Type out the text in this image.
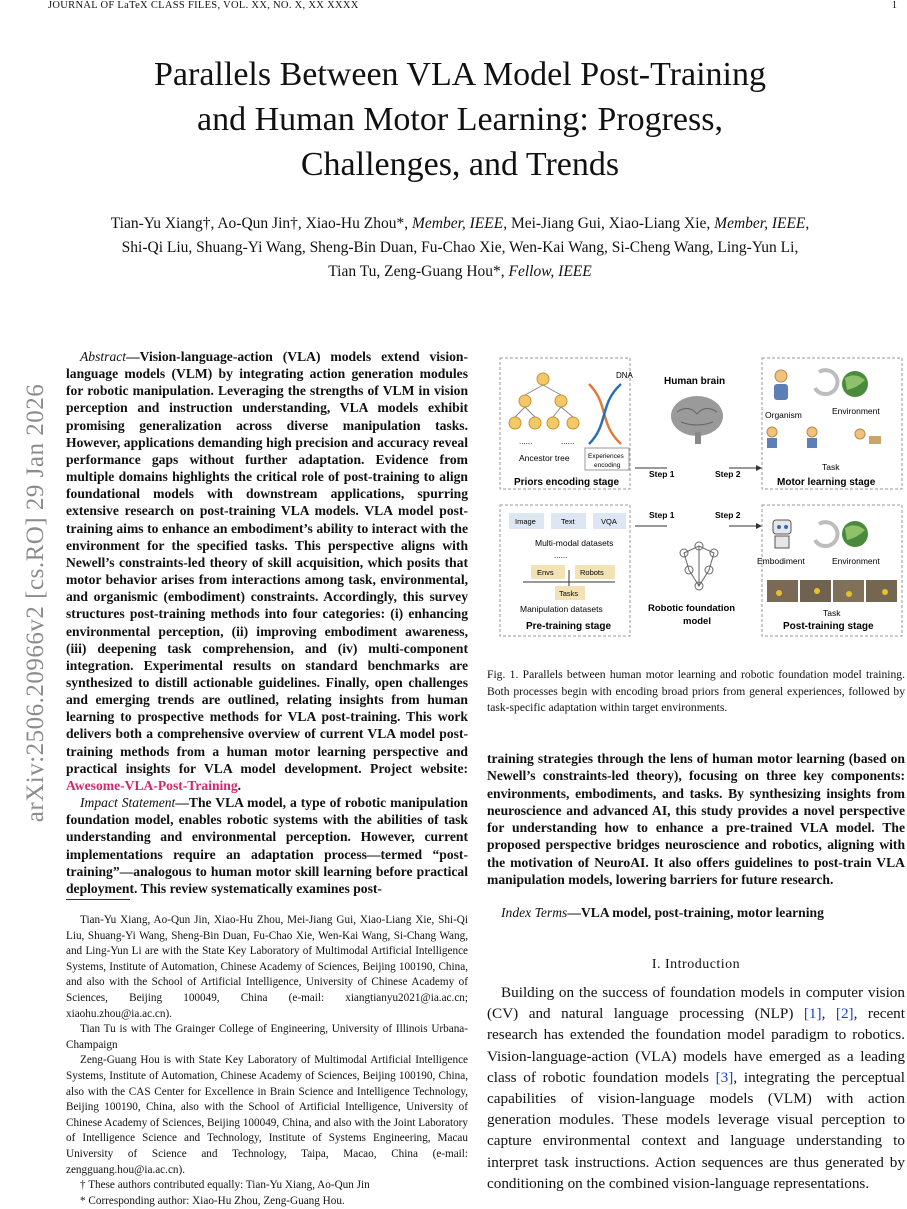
JOURNAL OF LaTeX CLASS FILES, VOL. XX, NO. X, XX XXXX	1
arXiv:2506.20966v2 [cs.RO] 29 Jan 2026
Parallels Between VLA Model Post-Training
and Human Motor Learning: Progress,
Challenges, and Trends
Tian-Yu Xiang†, Ao-Qun Jin†, Xiao-Hu Zhou*, Member, IEEE, Mei-Jiang Gui, Xiao-Liang Xie, Member, IEEE,
Shi-Qi Liu, Shuang-Yi Wang, Sheng-Bin Duan, Fu-Chao Xie, Wen-Kai Wang, Si-Cheng Wang, Ling-Yun Li,
Tian Tu, Zeng-Guang Hou*, Fellow, IEEE
Abstract—Vision-language-action (VLA) models extend vision-language models (VLM) by integrating action generation modules for robotic manipulation. Leveraging the strengths of VLM in vision perception and instruction understanding, VLA models exhibit promising generalization across diverse manipulation tasks. However, applications demanding high precision and accuracy reveal performance gaps without further adaptation. Evidence from multiple domains highlights the critical role of post-training to align foundational models with downstream applications, spurring extensive research on post-training VLA models. VLA model post-training aims to enhance an embodiment’s ability to interact with the environment for the specified tasks. This perspective aligns with Newell’s constraints-led theory of skill acquisition, which posits that motor behavior arises from interactions among task, environmental, and organismic (embodiment) constraints. Accordingly, this survey structures post-training methods into four categories: (i) enhancing environmental perception, (ii) improving embodiment awareness, (iii) deepening task comprehension, and (iv) multi-component integration. Experimental results on standard benchmarks are synthesized to distill actionable guidelines. Finally, open challenges and emerging trends are outlined, relating insights from human learning to prospective methods for VLA post-training. This work delivers both a comprehensive overview of current VLA model post-training methods from a human motor learning perspective and practical insights for VLA model development. Project website: Awesome-VLA-Post-Training.
Impact Statement—The VLA model, a type of robotic manipulation foundation model, enables robotic systems with the abilities of task understanding and environmental perception. However, current implementations require an adaptation process—termed “post-training”—analogous to human motor skill learning before practical deployment. This review systematically examines post-

Tian-Yu Xiang, Ao-Qun Jin, Xiao-Hu Zhou, Mei-Jiang Gui, Xiao-Liang Xie, Shi-Qi Liu, Shuang-Yi Wang, Sheng-Bin Duan, Fu-Chao Xie, Wen-Kai Wang, Si-Chang Wang, and Ling-Yun Li are with the State Key Laboratory of Multimodal Artificial Intelligence Systems, Institute of Automation, Chinese Academy of Sciences, Beijing 100190, China, and also with the School of Artificial Intelligence, University of Chinese Academy of Sciences, Beijing 100049, China (e-mail: xiangtianyu2021@ia.ac.cn; xiaohu.zhou@ia.ac.cn).

Tian Tu is with The Grainger College of Engineering, University of Illinois Urbana-Champaign

Zeng-Guang Hou is with State Key Laboratory of Multimodal Artificial Intelligence Systems, Institute of Automation, Chinese Academy of Sciences, Beijing 100190, China, also with the CAS Center for Excellence in Brain Science and Intelligence Technology, Beijing 100190, China, also with the School of Artificial Intelligence, University of Chinese Academy of Sciences, Beijing 100049, China, and also with the Joint Laboratory of Intelligence Science and Technology, Institute of Systems Engineering, Macau University of Science and Technology, Taipa, Macao, China (e-mail: zengguang.hou@ia.ac.cn).

† These authors contributed equally: Tian-Yu Xiang, Ao-Qun Jin

* Corresponding author: Xiao-Hu Zhou, Zeng-Guang Hou.

......	......
Ancestor tree
DNA
Experiences
encoding
Priors encoding stage
Human brain
Step 1	Step 2
Organism	Environment
Task
Motor learning stage
Image	Text	VQA
Multi-modal datasets
......
Envs	Robots
Tasks
Manipulation datasets
Pre-training stage
Step 1	Step 2
Robotic foundation
model
Embodiment	Environment
Task
Post-training stage
Fig. 1. Parallels between human motor learning and robotic foundation model training. Both processes begin with encoding broad priors from general experiences, followed by task-specific adaptation within target environments.
training strategies through the lens of human motor learning (based on Newell’s constraints-led theory), focusing on three key components: environments, embodiments, and tasks. By synthesizing insights from neuroscience and advanced AI, this study provides a novel perspective for understanding how to enhance a pre-trained VLA model. The proposed perspective bridges neuroscience and robotics, aligning with the motivation of NeuroAI. It also offers guidelines to post-train VLA manipulation models, lowering barriers for future research.
Index Terms—VLA model, post-training, motor learning
I. Introduction
Building on the success of foundation models in computer vision (CV) and natural language processing (NLP) [1], [2], recent research has extended the foundation model paradigm to robotics. Vision-language-action (VLA) models have emerged as a leading class of robotic foundation models [3], integrating the perceptual capabilities of vision-language models (VLM) with action generation modules. These models leverage visual perception to capture environmental context and language understanding to interpret task instructions. Action sequences are thus generated by conditioning on the combined vision-language representations.
